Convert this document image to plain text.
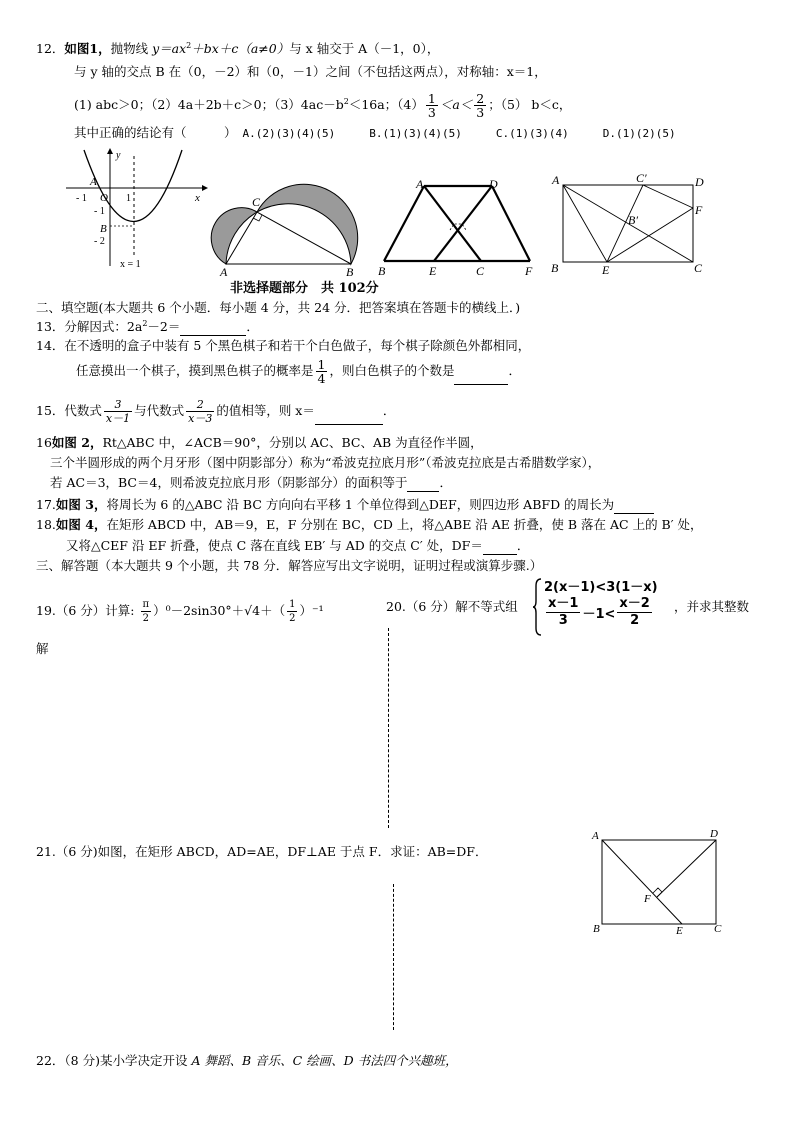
12．如图1，抛物线 $y=ax^2+bx+c(a\ne 0)$与 x 轴交于 A（－1，0），
与 y 轴的交点 B 在（0，－2）和（0，－1）之间（不包括这两点），对称轴：x＝1，
(1) abc＞0；（2）4a＋2b＋c＞0；$(3)4ac-b^2<16a$；$(4) \frac{1}{3} <a< \frac{2}{3}$ ；（5） b＜c，
其中正确的结论有（　　　） A.(2)(3)(4)(5)	B.(1)(3)(4)(5)	C.(1)(3)(4)	D.(1)(2)(5)
y
x
A
O
- 1
- 1
B
- 2
1
x = 1
C
A	B
A	D
B	E	C	F
A	C′	D
F
B′
B	E	C
非选择题部分　共 102分
二、填空题(本大题共 6 个小题．每小题 4 分，共 24 分．把答案填在答题卡的横线上．)
13．分解因式：$2a^2-2=$	．
14．在不透明的盒子中装有 5 个黑色棋子和若干个白色做子，每个棋子除颜色外都相同，
任意摸出一个棋子，摸到黑色棋子的概率是 $\frac{1}{4}$ ，则白色棋子的个数是	．
15．代数式 $\frac{3}{x-1}$ 与代数式 $\frac{2}{x-3}$ 的值相等，则 x＝	．
16如图 2，Rt△ABC 中，∠ACB＝90°，分别以 AC、BC、AB 为直径作半圆，
三个半圆形成的两个月牙形（图中阴影部分）称为“希波克拉底月形”（希波克拉底是古希腊数学家），
若 AC＝3，BC＝4，则希波克拉底月形（阴影部分）的面积等于	．
17.如图 3，将周长为 6 的△ABC 沿 BC 方向向右平移 1 个单位得到△DEF，则四边形 ABFD 的周长为
18.如图 4，在矩形 ABCD 中，AB＝9，E，F 分别在 BC，CD 上，将△ABE 沿 AE 折叠，使 B 落在 AC 上的 B′ 处，
又将△CEF 沿 EF 折叠，使点 C 落在直线 EB′ 与 AD 的交点 C′ 处，DF＝	．
三、解答题（本大题共 9 个小题，共 78 分．解答应写出文字说明，证明过程或演算步骤.）
19.（6 分）计算: $\frac{\pi}{2} )^0-2\sin 30^\circ+√4+( \frac{1}{2} )^{-1}$	20.（6 分）解不等式组
2(x－1)<3(1－x)
$\frac{x-1}{3} -1< \frac{x-2}{2}$ ，并求其整数
解
21.（6 分)如图，在矩形 ABCD，AD=AE，DF⊥AE 于点 F．求证：AB=DF．
A	D
F
B	E	C
22．（8 分)某小学决定开设 A 舞蹈、B 音乐、C 绘画、D 书法四个兴趣班，
